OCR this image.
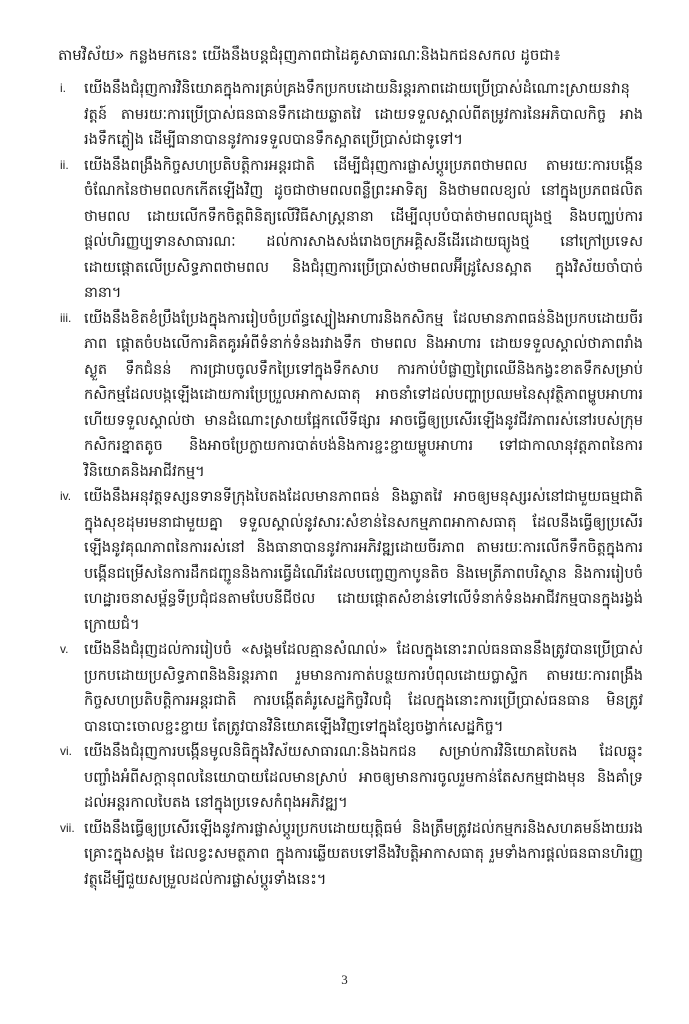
តាមវិស័យ» កន្លងមកនេះ យើងនឹងបន្តជំរុញភាពជាដៃគូសាធារណៈនិងឯកជនសកល ដូចជា៖
i. យើងនឹងជំរុញការវិនិយោគក្នុងការគ្រប់គ្រងទឹកប្រកបដោយនិរន្តរភាពដោយប្រើប្រាស់ដំណោះស្រាយនវានុវត្តន៍ តាមរយៈការប្រើប្រាស់ធនធានទឹកដោយឆ្លាតវៃ ដោយទទួលស្គាល់ពីតម្រូវការនៃអភិបាលកិច្ច អាងរងទឹកភ្លៀង ដើម្បីធានាបាននូវការទទួលបានទឹកស្អាតប្រើប្រាស់ជាទូទៅ។
ii. យើងនឹងពង្រឹងកិច្ចសហប្រតិបត្តិការអន្តរជាតិ ដើម្បីជំរុញការផ្លាស់ប្តូរប្រភពថាមពល តាមរយៈការបង្កើនចំណែកនៃថាមពលកកើតឡើងវិញ ដូចជាថាមពលពន្លឺព្រះអាទិត្យ និងថាមពលខ្យល់ នៅក្នុងប្រភពផលិតថាមពល ដោយលើកទឹកចិត្តពិនិត្យលើវិធីសាស្ត្រនានា ដើម្បីលុបបំបាត់ថាមពលធ្យូងថ្ម និងបញ្ឈប់ការផ្តល់ហិរញ្ញប្បទានសាធារណៈ ដល់ការសាងសង់រោងចក្រអគ្គិសនីដើរដោយធ្យូងថ្ម នៅក្រៅប្រទេស ដោយផ្តោតលើប្រសិទ្ធភាពថាមពល និងជំរុញការប្រើប្រាស់ថាមពលអ៊ីដ្រូសែនស្អាត ក្នុងវិស័យចាំបាច់នានា។
iii. យើងនឹងខិតខំប្រឹងប្រែងក្នុងការរៀបចំប្រព័ន្ធស្បៀងអាហារនិងកសិកម្ម ដែលមានភាពធន់និងប្រកបដោយចីរភាព ផ្តោតចំបងលើការគិតគូរអំពីទំនាក់ទំនងរវាងទឹក ថាមពល និងអាហារ ដោយទទួលស្គាល់ថាភាពរាំងស្ងួត ទឹកជំនន់ ការជ្រាបចូលទឹកប្រៃទៅក្នុងទឹកសាប ការកាប់បំផ្លាញព្រៃឈើនិងកង្វះខាតទឹកសម្រាប់កសិកម្មដែលបង្កឡើងដោយការប្រែប្រួលអាកាសធាតុ អាចនាំទៅដល់បញ្ហាប្រឈមនៃសុវត្ថិភាពម្ហូបអាហារ ហើយទទួលស្គាល់ថា មានដំណោះស្រាយផ្អែកលើទីផ្សារ អាចធ្វើឲ្យប្រសើរឡើងនូវជីវភាពរស់នៅរបស់ក្រុមកសិករខ្នាតតូច និងអាចប្រែក្លាយការបាត់បង់និងការខ្ជះខ្ជាយម្ហូបអាហារ ទៅជាកាលានុវត្តភាពនៃការវិនិយោគនិងអាជីវកម្ម។
iv. យើងនឹងអនុវត្តទស្សនទានទីក្រុងបៃតងដែលមានភាពធន់ និងឆ្លាតវៃ អាចឲ្យមនុស្សរស់នៅជាមួយធម្មជាតិក្នុងសុខដុមរមនាជាមួយគ្នា ទទួលស្គាល់នូវសារៈសំខាន់នៃសកម្មភាពអាកាសធាតុ ដែលនឹងធ្វើឲ្យប្រសើរឡើងនូវគុណភាពនៃការរស់នៅ និងធានាបាននូវការអភិវឌ្ឍដោយចីរភាព តាមរយៈការលើកទឹកចិត្តក្នុងការបង្កើនជម្រើសនៃការដឹកជញ្ជូននិងការធ្វើដំណើរដែលបញ្ចេញកាបូនតិច និងមេត្រីភាពបរិស្ថាន និងការរៀបចំហេដ្ឋារចនាសម្ព័ន្ធទីប្រជុំជនតាមបែបនីជីថល ដោយផ្តោតសំខាន់ទៅលើទំនាក់ទំនងអាជីវកម្មបានក្នុងរង្វង់ក្រោយជំ។
v. យើងនឹងជំរុញដល់ការរៀបចំ «សង្គមដែលគ្មានសំណល់» ដែលក្នុងនោះរាល់ធនធាននឹងត្រូវបានប្រើប្រាស់ប្រកបដោយប្រសិទ្ធភាពនិងនិរន្តរភាព រួមមានការកាត់បន្ថយការបំពុលដោយប្លាស្ទិក តាមរយៈការពង្រឹងកិច្ចសហប្រតិបត្តិការអន្តរជាតិ ការបង្កើតគំរូសេដ្ឋកិច្ចវិលជុំ ដែលក្នុងនោះការប្រើប្រាស់ធនធាន មិនត្រូវបានបោះចោលខ្ជះខ្ជាយ តែត្រូវបានវិនិយោគឡើងវិញទៅក្នុងខ្សែចង្វាក់សេដ្ឋកិច្ច។
vi. យើងនឹងជំរុញការបង្កើនមូលនិធិក្នុងវិស័យសាធារណៈនិងឯកជន សម្រាប់ការវិនិយោគបៃតង ដែលឆ្លុះបញ្ចាំងអំពីសក្តានុពលនៃយោបាយដែលមានស្រាប់ អាចឲ្យមានការចូលរួមកាន់តែសកម្មជាងមុន និងគាំទ្រដល់អន្តរកាលបៃតង នៅក្នុងប្រទេសកំពុងអភិវឌ្ឍ។
vii. យើងនឹងធ្វើឲ្យប្រសើរឡើងនូវការផ្លាស់ប្តូរប្រកបដោយយុត្តិធម៌ និងត្រឹមត្រូវដល់កម្មករនិងសហគមន៍ងាយរងគ្រោះក្នុងសង្គម ដែលខ្វះសមត្ថភាព ក្នុងការឆ្លើយតបទៅនឹងវិបត្តិអាកាសធាតុ រួមទាំងការផ្តល់ធនធានហិរញ្ញវត្ថុដើម្បីជួយសម្រួលដល់ការផ្លាស់ប្តូរទាំងនេះ។
3
